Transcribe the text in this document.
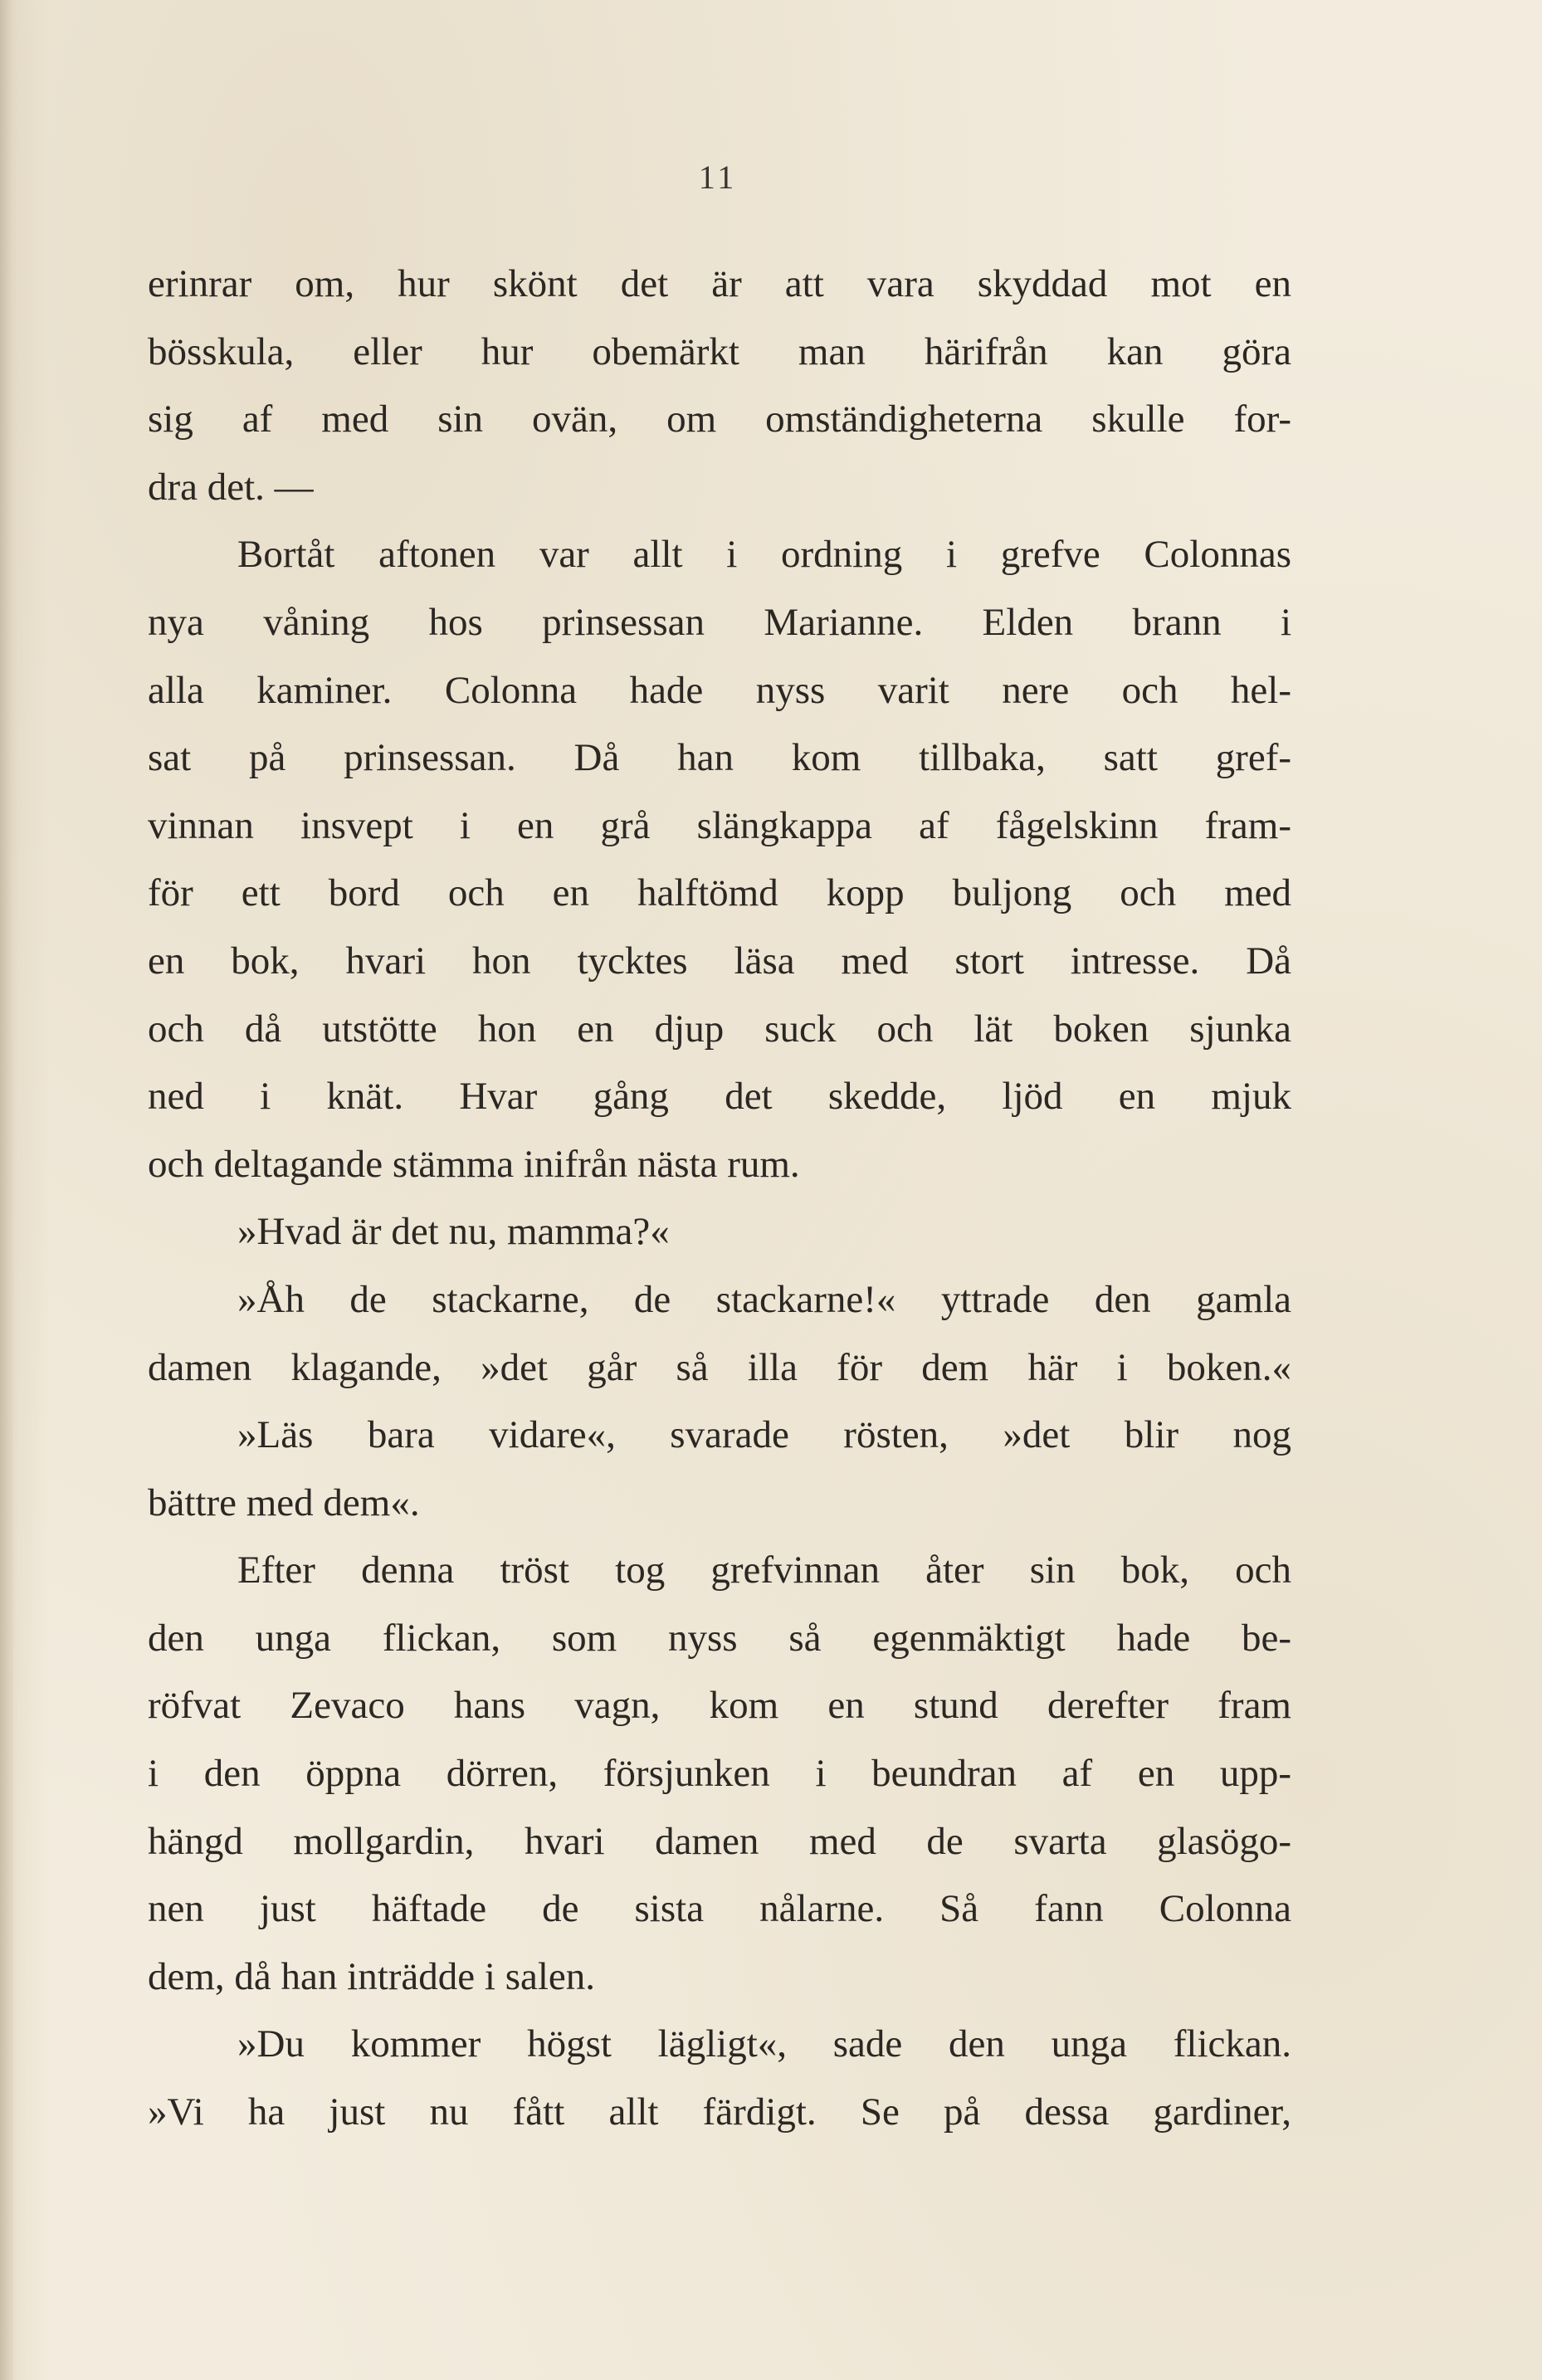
11
erinrar om, hur skönt det är att vara skyddad mot en
bösskula, eller hur obemärkt man härifrån kan göra
sig af med sin ovän, om omständigheterna skulle for-
dra det. —
Bortåt aftonen var allt i ordning i grefve Colonnas
nya våning hos prinsessan Marianne. Elden brann i
alla kaminer. Colonna hade nyss varit nere och hel-
sat på prinsessan. Då han kom tillbaka, satt gref-
vinnan insvept i en grå slängkappa af fågelskinn fram-
för ett bord och en halftömd kopp buljong och med
en bok, hvari hon tycktes läsa med stort intresse. Då
och då utstötte hon en djup suck och lät boken sjunka
ned i knät. Hvar gång det skedde, ljöd en mjuk
och deltagande stämma inifrån nästa rum.
»Hvad är det nu, mamma?«
»Åh de stackarne, de stackarne!« yttrade den gamla
damen klagande, »det går så illa för dem här i boken.«
»Läs bara vidare«, svarade rösten, »det blir nog
bättre med dem«.
Efter denna tröst tog grefvinnan åter sin bok, och
den unga flickan, som nyss så egenmäktigt hade be-
röfvat Zevaco hans vagn, kom en stund derefter fram
i den öppna dörren, försjunken i beundran af en upp-
hängd mollgardin, hvari damen med de svarta glasögo-
nen just häftade de sista nålarne. Så fann Colonna
dem, då han inträdde i salen.
»Du kommer högst lägligt«, sade den unga flickan.
»Vi ha just nu fått allt färdigt. Se på dessa gardiner,
